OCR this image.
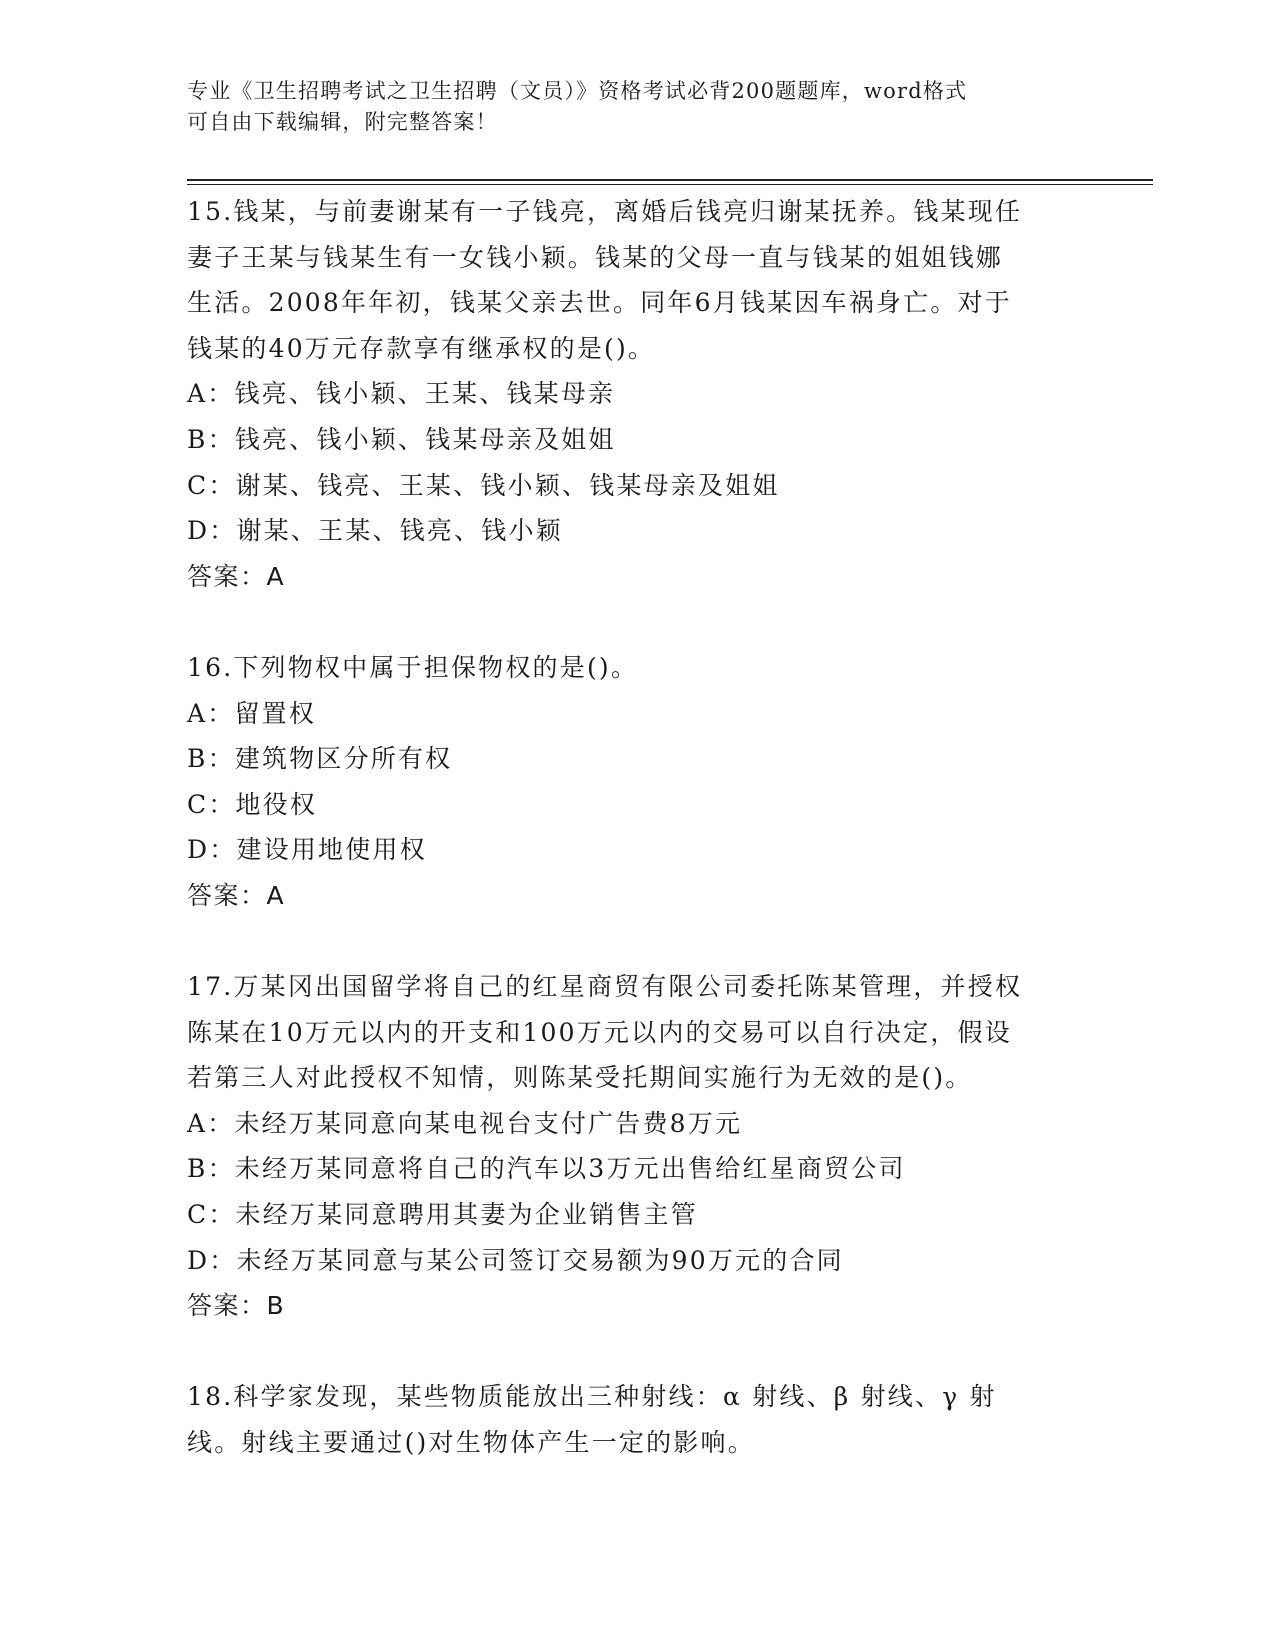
专业《卫生招聘考试之卫生招聘（文员）》资格考试必背200题题库，word格式

可自由下载编辑，附完整答案！

15.钱某，与前妻谢某有一子钱亮，离婚后钱亮归谢某抚养。钱某现任

妻子王某与钱某生有一女钱小颖。钱某的父母一直与钱某的姐姐钱娜

生活。2008年年初，钱某父亲去世。同年6月钱某因车祸身亡。对于

钱某的40万元存款享有继承权的是()。

A：钱亮、钱小颖、王某、钱某母亲

B：钱亮、钱小颖、钱某母亲及姐姐

C：谢某、钱亮、王某、钱小颖、钱某母亲及姐姐

D：谢某、王某、钱亮、钱小颖

答案：A

16.下列物权中属于担保物权的是()。

A：留置权

B：建筑物区分所有权

C：地役权

D：建设用地使用权

答案：A

17.万某冈出国留学将自己的红星商贸有限公司委托陈某管理，并授权

陈某在10万元以内的开支和100万元以内的交易可以自行决定，假设

若第三人对此授权不知情，则陈某受托期间实施行为无效的是()。

A：未经万某同意向某电视台支付广告费8万元

B：未经万某同意将自己的汽车以3万元出售给红星商贸公司

C：未经万某同意聘用其妻为企业销售主管

D：未经万某同意与某公司签订交易额为90万元的合同

答案：B

18.科学家发现，某些物质能放出三种射线：α 射线、β 射线、γ 射

线。射线主要通过()对生物体产生一定的影响。
